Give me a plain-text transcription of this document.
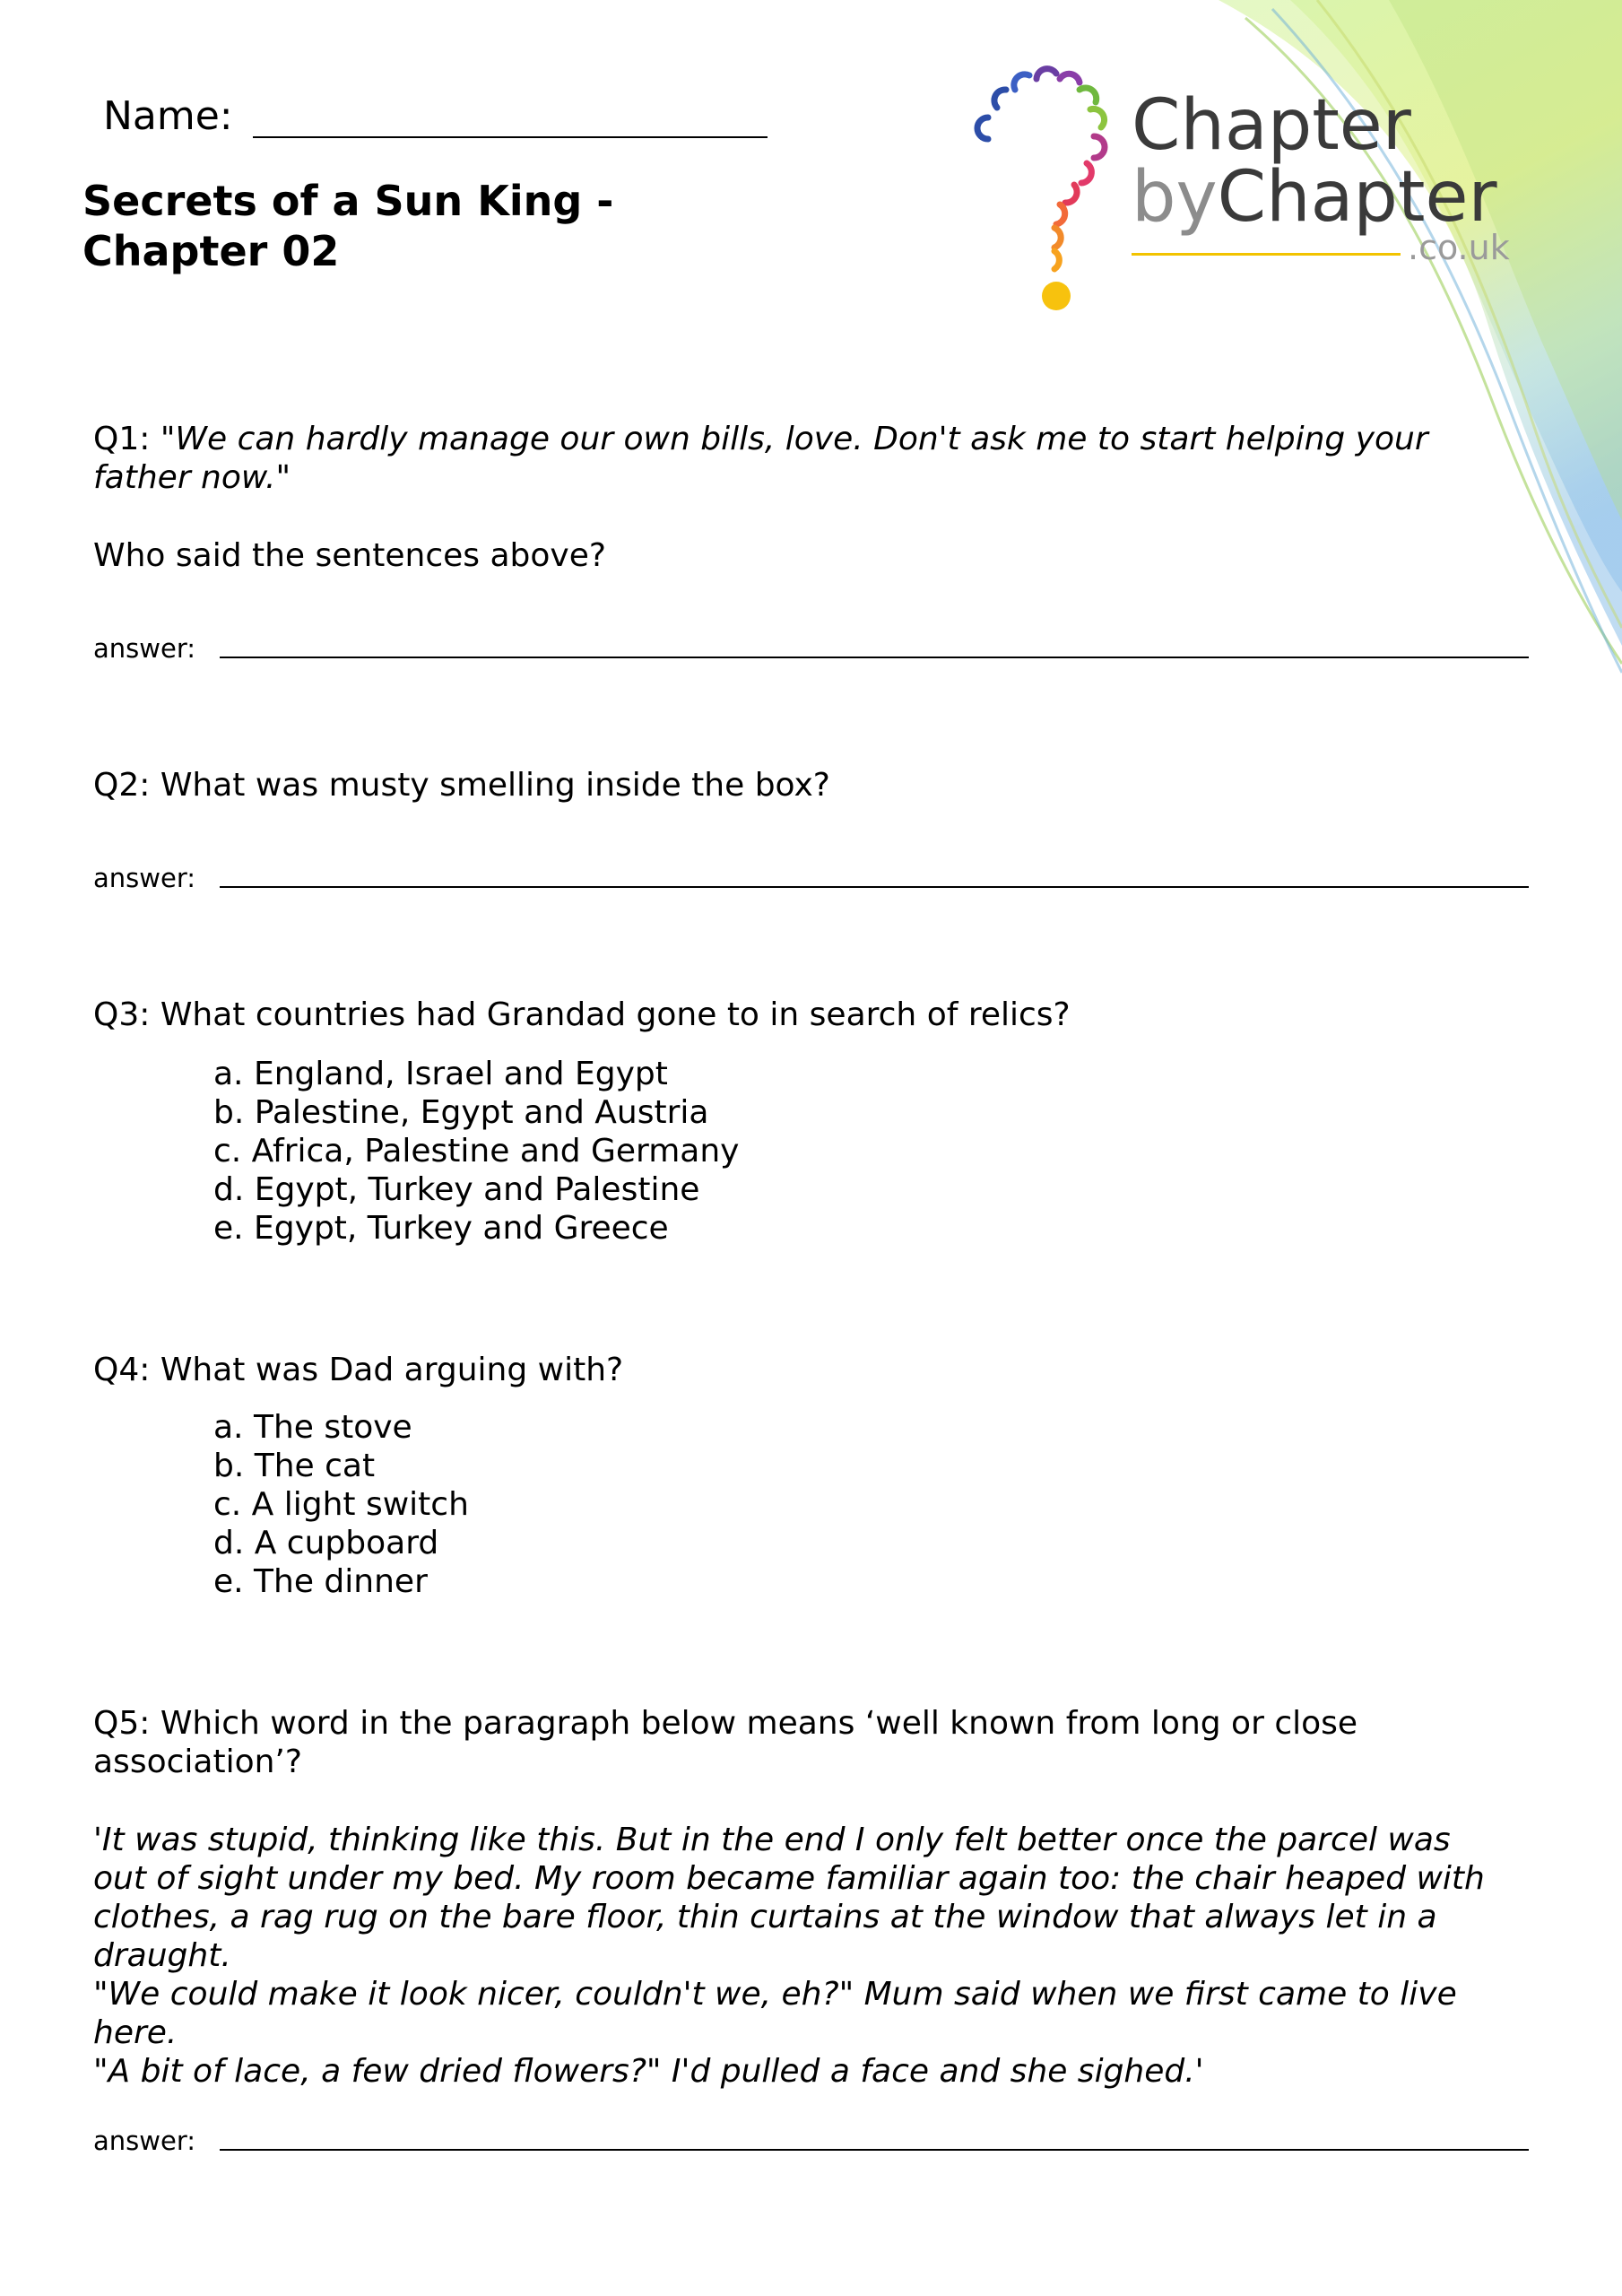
Name:
Secrets of a Sun King - Chapter 02
Chapter
byChapter
.co.uk
Q1: "We can hardly manage our own bills, love. Don't ask me to start helping your father now."
Who said the sentences above?
answer:
Q2: What was musty smelling inside the box?
answer:
Q3: What countries had Grandad gone to in search of relics?
a. England, Israel and Egypt
b. Palestine, Egypt and Austria
c. Africa, Palestine and Germany
d. Egypt, Turkey and Palestine
e. Egypt, Turkey and Greece
Q4: What was Dad arguing with?
a. The stove
b. The cat
c. A light switch
d. A cupboard
e. The dinner
Q5: Which word in the paragraph below means ‘well known from long or close association’?
'It was stupid, thinking like this. But in the end I only felt better once the parcel was out of sight under my bed. My room became familiar again too: the chair heaped with clothes, a rag rug on the bare floor, thin curtains at the window that always let in a draught.
"We could make it look nicer, couldn't we, eh?" Mum said when we first came to live here.
"A bit of lace, a few dried flowers?" I'd pulled a face and she sighed.'
answer:
